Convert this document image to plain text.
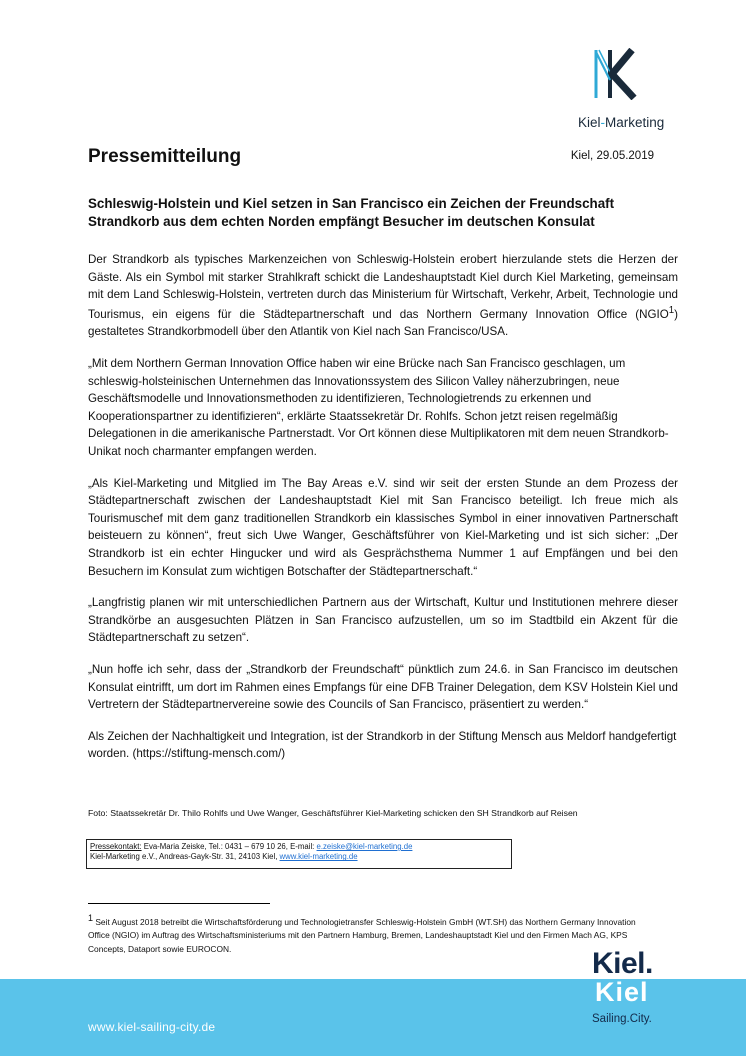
Kiel-Marketing
Pressemitteilung	Kiel, 29.05.2019
Schleswig-Holstein und Kiel setzen in San Francisco ein Zeichen der Freundschaft
Strandkorb aus dem echten Norden empfängt Besucher im deutschen Konsulat

Der Strandkorb als typisches Markenzeichen von Schleswig-Holstein erobert hierzulande stets die Herzen der Gäste. Als ein Symbol mit starker Strahlkraft schickt die Landeshauptstadt Kiel durch Kiel Marketing, gemeinsam mit dem Land Schleswig-Holstein, vertreten durch das Ministerium für Wirtschaft, Verkehr, Arbeit, Technologie und Tourismus, ein eigens für die Städtepartnerschaft und das Northern Germany Innovation Office (NGIO$^1$) gestaltetes Strandkorbmodell über den Atlantik von Kiel nach San Francisco/USA.

„Mit dem Northern German Innovation Office haben wir eine Brücke nach San Francisco geschlagen, um schleswig-holsteinischen Unternehmen das Innovationssystem des Silicon Valley näherzubringen, neue Geschäftsmodelle und Innovationsmethoden zu identifizieren, Technologietrends zu erkennen und Kooperationspartner zu identifizieren“, erklärte Staatssekretär Dr. Rohlfs. Schon jetzt reisen regelmäßig Delegationen in die amerikanische Partnerstadt. Vor Ort können diese Multiplikatoren mit dem neuen Strandkorb-Unikat noch charmanter empfangen werden.

„Als Kiel-Marketing und Mitglied im The Bay Areas e.V. sind wir seit der ersten Stunde an dem Prozess der Städtepartnerschaft zwischen der Landeshauptstadt Kiel mit San Francisco beteiligt. Ich freue mich als Tourismuschef mit dem ganz traditionellen Strandkorb ein klassisches Symbol in einer innovativen Partnerschaft beisteuern zu können“, freut sich Uwe Wanger, Geschäftsführer von Kiel-Marketing und ist sich sicher: „Der Strandkorb ist ein echter Hingucker und wird als Gesprächsthema Nummer 1 auf Empfängen und bei den Besuchern im Konsulat zum wichtigen Botschafter der Städtepartnerschaft.“

„Langfristig planen wir mit unterschiedlichen Partnern aus der Wirtschaft, Kultur und Institutionen mehrere dieser Strandkörbe an ausgesuchten Plätzen in San Francisco aufzustellen, um so im Stadtbild ein Akzent für die Städtepartnerschaft zu setzen“.

„Nun hoffe ich sehr, dass der „Strandkorb der Freundschaft“ pünktlich zum 24.6. in San Francisco im deutschen Konsulat eintrifft, um dort im Rahmen eines Empfangs für eine DFB Trainer Delegation, dem KSV Holstein Kiel und Vertretern der Städtepartnervereine sowie des Councils of San Francisco, präsentiert zu werden.“

Als Zeichen der Nachhaltigkeit und Integration, ist der Strandkorb in der Stiftung Mensch aus Meldorf handgefertigt worden. (https://stiftung-mensch.com/)

Foto: Staatssekretär Dr. Thilo Rohlfs und Uwe Wanger, Geschäftsführer Kiel-Marketing schicken den SH Strandkorb auf Reisen
Pressekontakt: Eva-Maria Zeiske, Tel.: 0431 – 679 10 26, E-mail: e.zeiske@kiel-marketing.de
Kiel-Marketing e.V., Andreas-Gayk-Str. 31, 24103 Kiel, www.kiel-marketing.de
$^1$ Seit August 2018 betreibt die Wirtschaftsförderung und Technologietransfer Schleswig-Holstein GmbH (WT.SH) das Northern Germany Innovation Office (NGIO) im Auftrag des Wirtschaftsministeriums mit den Partnern Hamburg, Bremen, Landeshauptstadt Kiel und den Firmen Mach AG, KPS Concepts, Dataport sowie EUROCON.
www.kiel-sailing-city.de
Kiel.
Kiel
Sailing.City.
